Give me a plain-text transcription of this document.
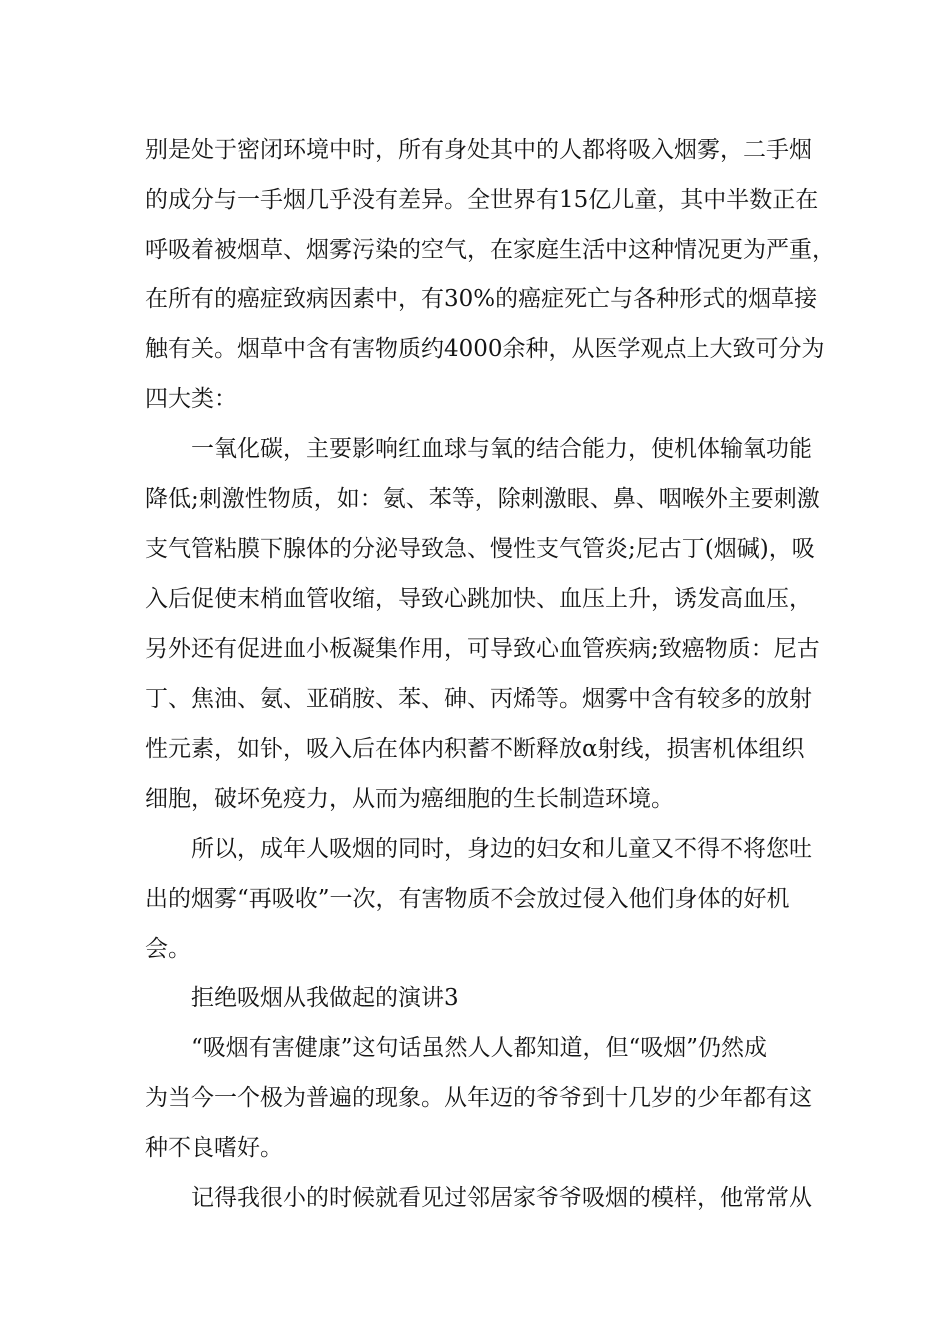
别是处于密闭环境中时，所有身处其中的人都将吸入烟雾，二手烟
的成分与一手烟几乎没有差异。全世界有15亿儿童，其中半数正在
呼吸着被烟草、烟雾污染的空气，在家庭生活中这种情况更为严重，
在所有的癌症致病因素中，有30%的癌症死亡与各种形式的烟草接
触有关。烟草中含有害物质约4000余种，从医学观点上大致可分为
四大类：
一氧化碳，主要影响红血球与氧的结合能力，使机体输氧功能
降低;刺激性物质，如：氨、苯等，除刺激眼、鼻、咽喉外主要刺激
支气管粘膜下腺体的分泌导致急、慢性支气管炎;尼古丁(烟碱)，吸
入后促使末梢血管收缩，导致心跳加快、血压上升，诱发高血压，
另外还有促进血小板凝集作用，可导致心血管疾病;致癌物质：尼古
丁、焦油、氨、亚硝胺、苯、砷、丙烯等。烟雾中含有较多的放射
性元素，如钋，吸入后在体内积蓄不断释放α射线，损害机体组织
细胞，破坏免疫力，从而为癌细胞的生长制造环境。
所以，成年人吸烟的同时，身边的妇女和儿童又不得不将您吐
出的烟雾“再吸收”一次，有害物质不会放过侵入他们身体的好机
会。
拒绝吸烟从我做起的演讲3
“吸烟有害健康”这句话虽然人人都知道，但“吸烟”仍然成
为当今一个极为普遍的现象。从年迈的爷爷到十几岁的少年都有这
种不良嗜好。
记得我很小的时候就看见过邻居家爷爷吸烟的模样，他常常从
